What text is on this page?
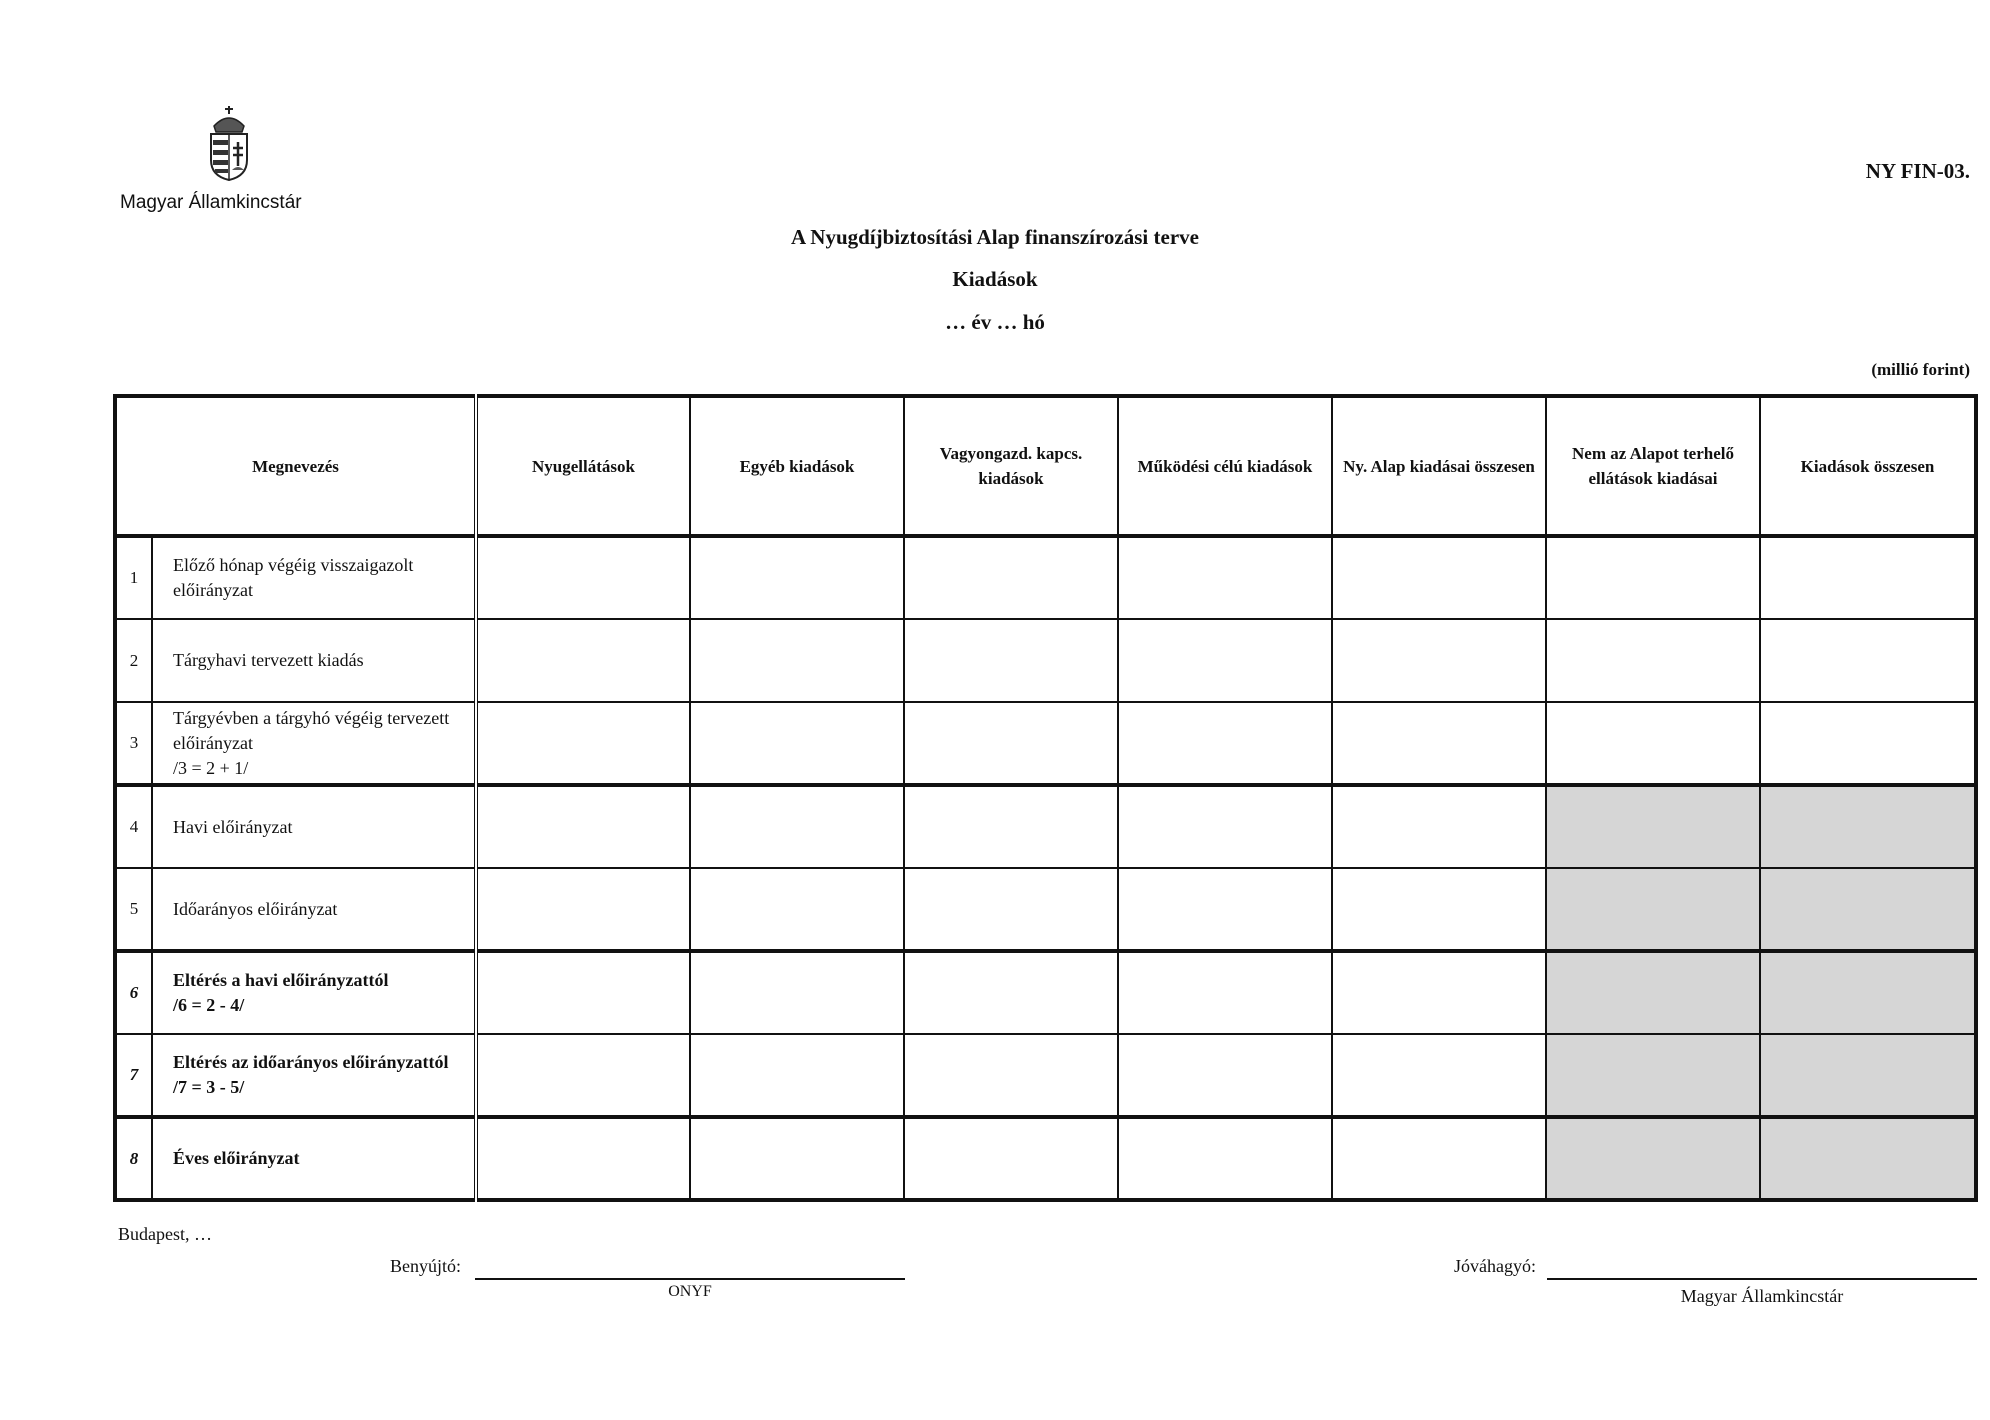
Magyar Államkincstár
NY FIN-03.
A Nyugdíjbiztosítási Alap finanszírozási terve
Kiadások
… év … hó
(millió forint)
Megnevezés		Nyugellátások	Egyéb kiadások	Vagyongazd. kapcs. kiadások	Működési célú kiadások	Ny. Alap kiadásai összesen	Nem az Alapot terhelő ellátások kiadásai	Kiadások összesen
1	Előző hónap végéig visszaigazolt előirányzat							
2	Tárgyhavi tervezett kiadás							
3	Tárgyévben a tárgyhó végéig tervezett előirányzat
/3 = 2 + 1/							
4	Havi előirányzat							
5	Időarányos előirányzat							
6	Eltérés a havi előirányzattól
/6 = 2 - 4/							
7	Eltérés az időarányos előirányzattól
/7 = 3 - 5/							
8	Éves előirányzat							
Budapest, …
Benyújtó:
ONYF
Jóváhagyó:
Magyar Államkincstár
